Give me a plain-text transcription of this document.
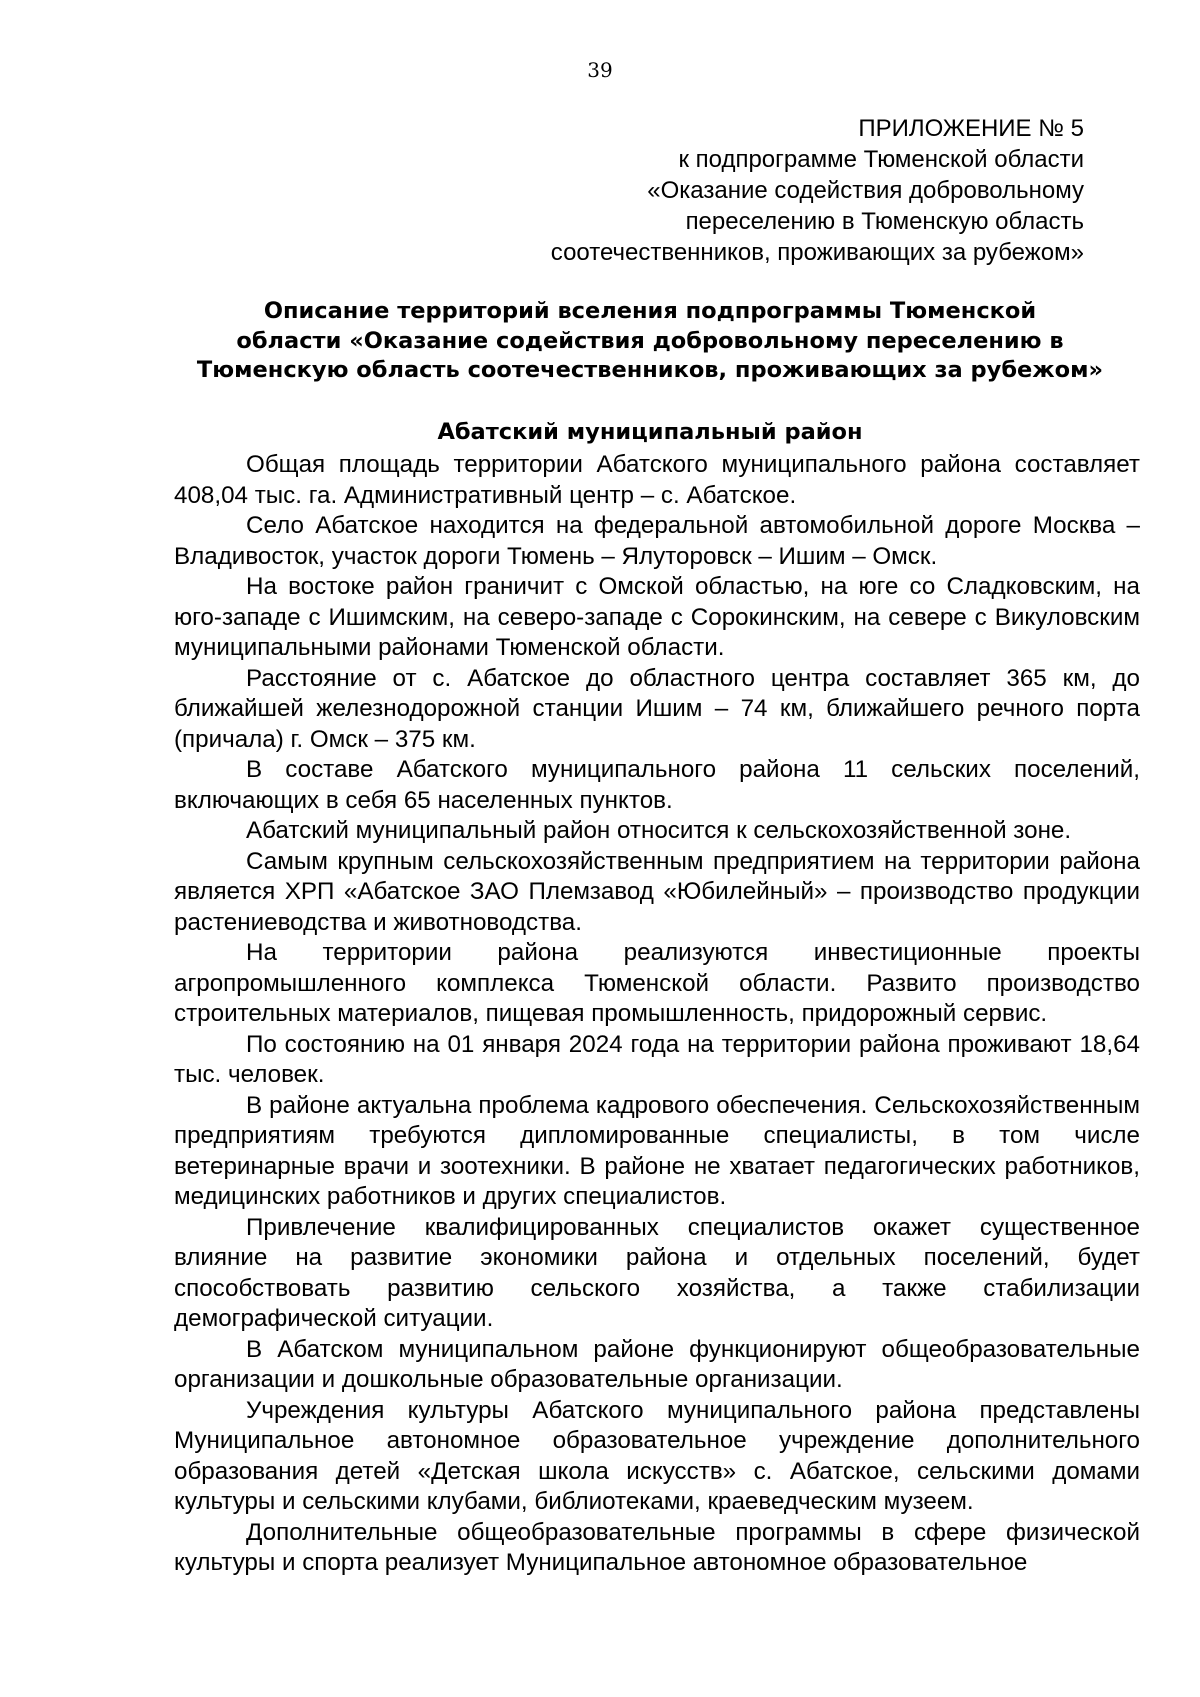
39
ПРИЛОЖЕНИЕ № 5
к подпрограмме Тюменской области
«Оказание содействия добровольному
переселению в Тюменскую область
соотечественников, проживающих за рубежом»
Описание территорий вселения подпрограммы Тюменской
области «Оказание содействия добровольному переселению в
Тюменскую область соотечественников, проживающих за рубежом»
Абатский муниципальный район

Общая площадь территории Абатского муниципального района составляет 408,04 тыс. га. Административный центр – с. Абатское.

Село Абатское находится на федеральной автомобильной дороге Москва – Владивосток, участок дороги Тюмень – Ялуторовск – Ишим – Омск.

На востоке район граничит с Омской областью, на юге со Сладковским, на юго-западе с Ишимским, на северо-западе с Сорокинским, на севере с Викуловским муниципальными районами Тюменской области.

Расстояние от с. Абатское до областного центра составляет 365 км, до ближайшей железнодорожной станции Ишим – 74 км, ближайшего речного порта (причала) г. Омск – 375 км.

В составе Абатского муниципального района 11 сельских поселений, включающих в себя 65 населенных пунктов.

Абатский муниципальный район относится к сельскохозяйственной зоне.

Самым крупным сельскохозяйственным предприятием на территории района является ХРП «Абатское ЗАО Племзавод «Юбилейный» – производство продукции растениеводства и животноводства.

На территории района реализуются инвестиционные проекты агропромышленного комплекса Тюменской области. Развито производство строительных материалов, пищевая промышленность, придорожный сервис.

По состоянию на 01 января 2024 года на территории района проживают 18,64 тыс. человек.

В районе актуальна проблема кадрового обеспечения. Сельскохозяйственным предприятиям требуются дипломированные специалисты, в том числе ветеринарные врачи и зоотехники. В районе не хватает педагогических работников, медицинских работников и других специалистов.

Привлечение квалифицированных специалистов окажет существенное влияние на развитие экономики района и отдельных поселений, будет способствовать развитию сельского хозяйства, а также стабилизации демографической ситуации.

В Абатском муниципальном районе функционируют общеобразовательные организации и дошкольные образовательные организации.

Учреждения культуры Абатского муниципального района представлены Муниципальное автономное образовательное учреждение дополнительного образования детей «Детская школа искусств» с. Абатское, сельскими домами культуры и сельскими клубами, библиотеками, краеведческим музеем.

Дополнительные общеобразовательные программы в сфере физической культуры и спорта реализует Муниципальное автономное образовательное
